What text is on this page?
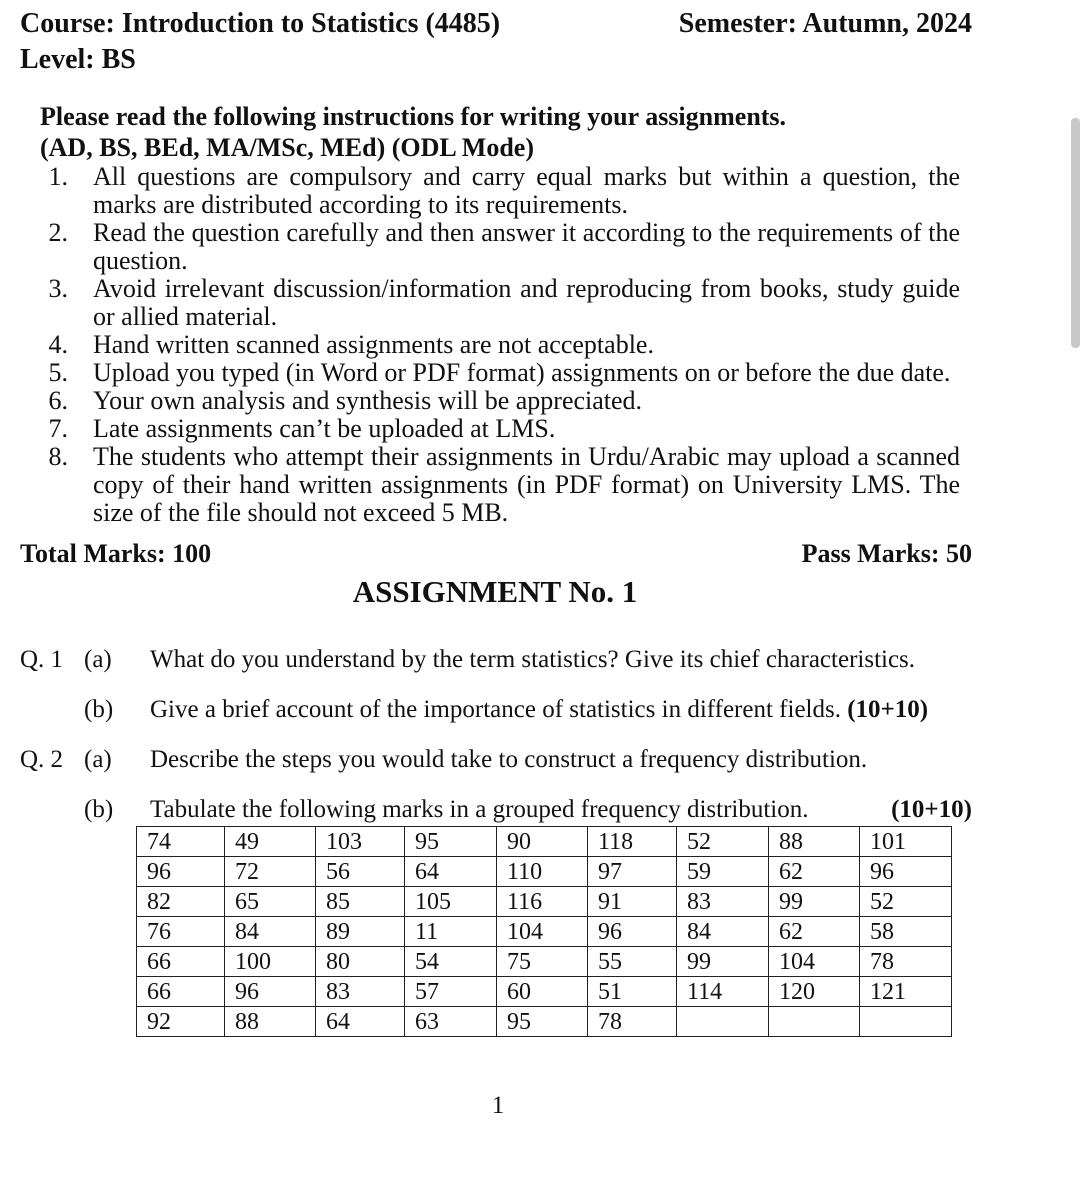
Course: Introduction to Statistics (4485)
Level: BS
Semester: Autumn, 2024
Please read the following instructions for writing your assignments.
(AD, BS, BEd, MA/MSc, MEd) (ODL Mode)
1. All questions are compulsory and carry equal marks but within a question, the marks are distributed according to its requirements.
2. Read the question carefully and then answer it according to the requirements of the question.
3. Avoid irrelevant discussion/information and reproducing from books, study guide or allied material.
4. Hand written scanned assignments are not acceptable.
5. Upload you typed (in Word or PDF format) assignments on or before the due date.
6. Your own analysis and synthesis will be appreciated.
7. Late assignments can’t be uploaded at LMS.
8. The students who attempt their assignments in Urdu/Arabic may upload a scanned copy of their hand written assignments (in PDF format) on University LMS. The size of the file should not exceed 5 MB.
Total Marks: 100	Pass Marks: 50
ASSIGNMENT No. 1
Q. 1 (a) What do you understand by the term statistics? Give its chief characteristics.
(b) Give a brief account of the importance of statistics in different fields. (10+10)
Q. 2 (a) Describe the steps you would take to construct a frequency distribution.
(b) Tabulate the following marks in a grouped frequency distribution.	(10+10)
74	49	103	95	90	118	52	88	101
96	72	56	64	110	97	59	62	96
82	65	85	105	116	91	83	99	52
76	84	89	11	104	96	84	62	58
66	100	80	54	75	55	99	104	78
66	96	83	57	60	51	114	120	121
92	88	64	63	95	78			
1
